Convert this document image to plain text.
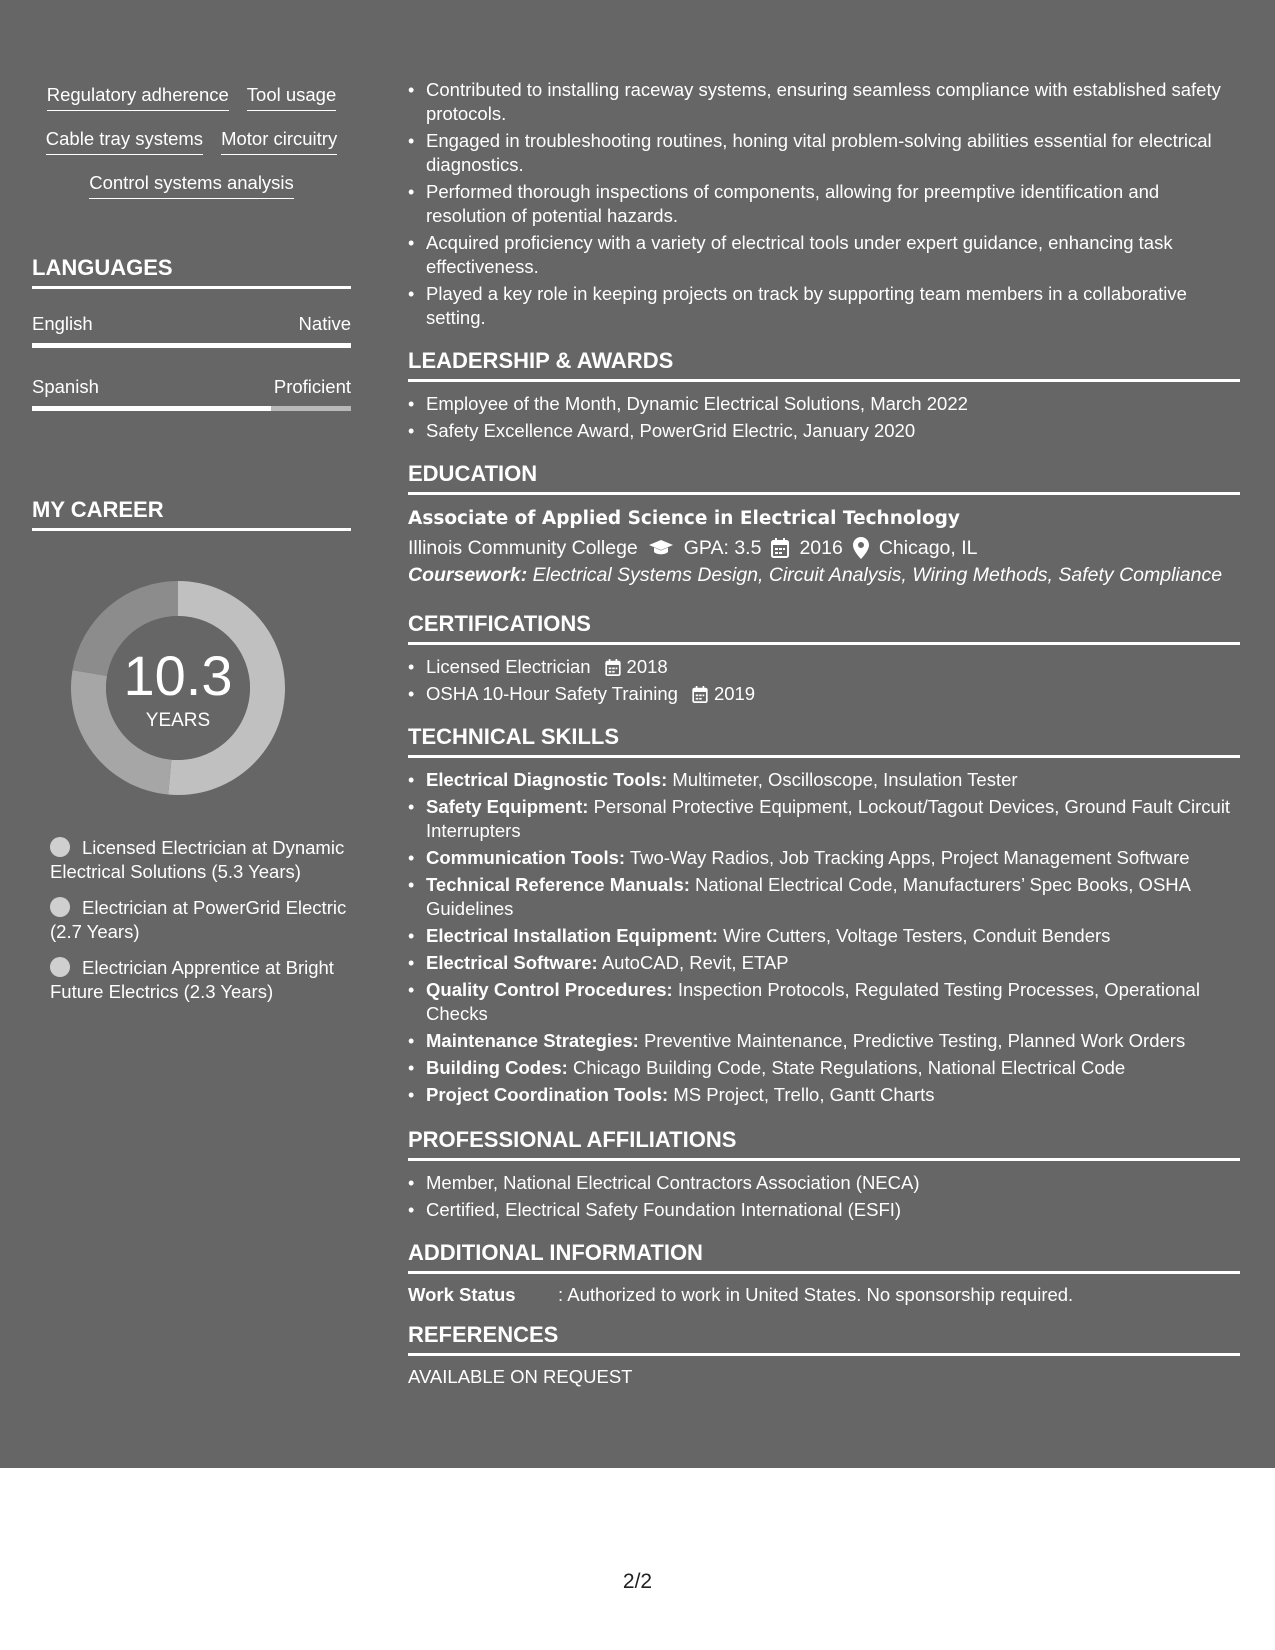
Regulatory adherence Tool usage
Cable tray systems Motor circuitry
Control systems analysis
LANGUAGES
English	Native
Spanish	Proficient
MY CAREER
10.3
YEARS
Licensed Electrician at Dynamic Electrical Solutions (5.3 Years)
Electrician at PowerGrid Electric (2.7 Years)
Electrician Apprentice at Bright Future Electrics (2.3 Years)
• Contributed to installing raceway systems, ensuring seamless compliance with established safety protocols.
• Engaged in troubleshooting routines, honing vital problem-solving abilities essential for electrical diagnostics.
• Performed thorough inspections of components, allowing for preemptive identification and resolution of potential hazards.
• Acquired proficiency with a variety of electrical tools under expert guidance, enhancing task effectiveness.
• Played a key role in keeping projects on track by supporting team members in a collaborative setting.
LEADERSHIP & AWARDS
• Employee of the Month, Dynamic Electrical Solutions, March 2022
• Safety Excellence Award, PowerGrid Electric, January 2020
EDUCATION
Associate of Applied Science in Electrical Technology
Illinois Community College GPA: 3.5 2016 Chicago, IL
Coursework: Electrical Systems Design, Circuit Analysis, Wiring Methods, Safety Compliance
CERTIFICATIONS
• Licensed Electrician 2018
• OSHA 10-Hour Safety Training 2019
TECHNICAL SKILLS
• Electrical Diagnostic Tools: Multimeter, Oscilloscope, Insulation Tester
• Safety Equipment: Personal Protective Equipment, Lockout/Tagout Devices, Ground Fault Circuit Interrupters
• Communication Tools: Two-Way Radios, Job Tracking Apps, Project Management Software
• Technical Reference Manuals: National Electrical Code, Manufacturers’ Spec Books, OSHA Guidelines
• Electrical Installation Equipment: Wire Cutters, Voltage Testers, Conduit Benders
• Electrical Software: AutoCAD, Revit, ETAP
• Quality Control Procedures: Inspection Protocols, Regulated Testing Processes, Operational Checks
• Maintenance Strategies: Preventive Maintenance, Predictive Testing, Planned Work Orders
• Building Codes: Chicago Building Code, State Regulations, National Electrical Code
• Project Coordination Tools: MS Project, Trello, Gantt Charts
PROFESSIONAL AFFILIATIONS
• Member, National Electrical Contractors Association (NECA)
• Certified, Electrical Safety Foundation International (ESFI)
ADDITIONAL INFORMATION
Work Status	: Authorized to work in United States. No sponsorship required.
REFERENCES
AVAILABLE ON REQUEST
2/2
